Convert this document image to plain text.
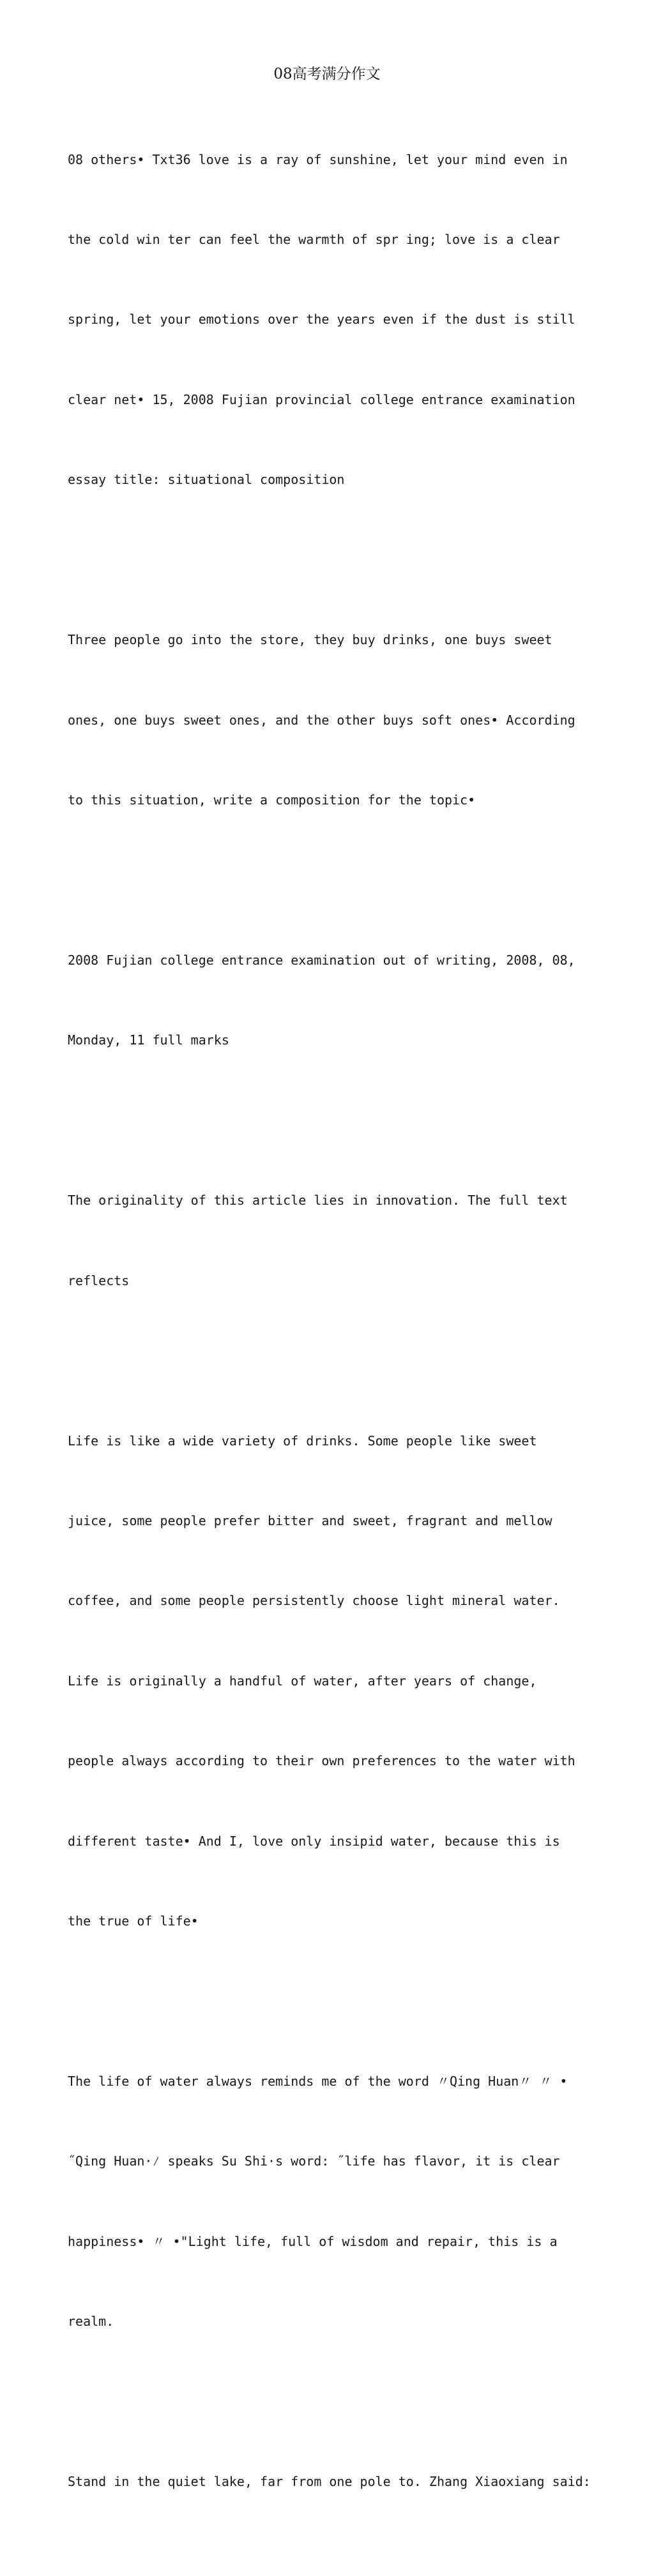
08高考满分作文

08 others• Txt36 love is a ray of sunshine, let your mind even in

the cold win ter can feel the warmth of spr ing; love is a clear

spring, let your emotions over the years even if the dust is still

clear net• 15, 2008 Fujian provincial college entrance examination

essay title: situational composition

Three people go into the store, they buy drinks, one buys sweet

ones, one buys sweet ones, and the other buys soft ones• According

to this situation, write a composition for the topic•

2008 Fujian college entrance examination out of writing, 2008, 08,

Monday, 11 full marks

The originality of this article lies in innovation. The full text

reflects

Life is like a wide variety of drinks. Some people like sweet

juice, some people prefer bitter and sweet, fragrant and mellow

coffee, and some people persistently choose light mineral water.

Life is originally a handful of water, after years of change,

people always according to their own preferences to the water with

different taste• And I, love only insipid water, because this is

the true of life•

The life of water always reminds me of the word 〃Qing Huan〃 〃 •

˝Qing Huan·⁄ speaks Su Shi·s word: ˝life has flavor, it is clear

happiness• 〃 •"Light life, full of wisdom and repair, this is a

realm.

Stand in the quiet lake, far from one pole to. Zhang Xiaoxiang said:
